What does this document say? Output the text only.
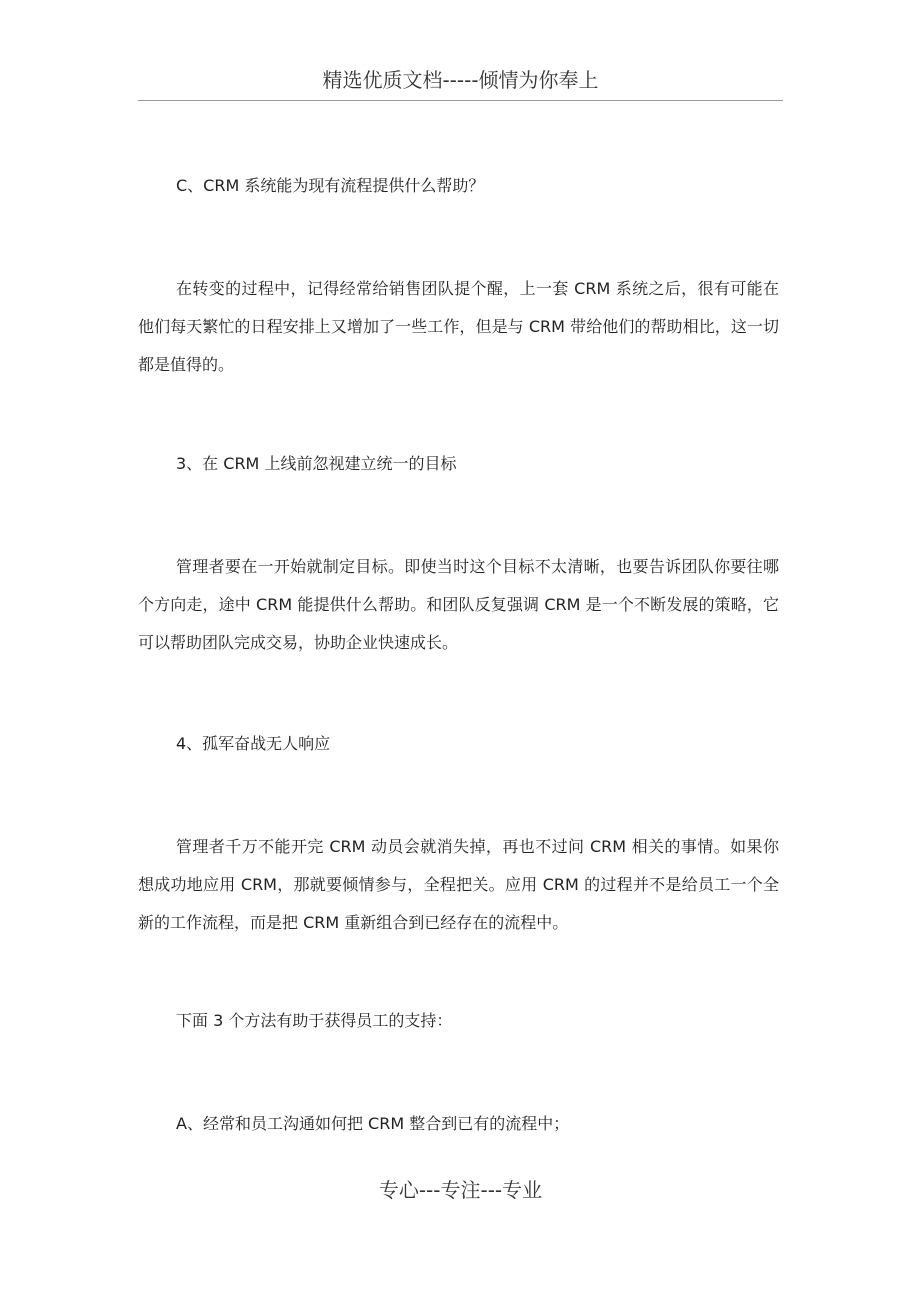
精选优质文档-----倾情为你奉上
C、CRM 系统能为现有流程提供什么帮助？

在转变的过程中，记得经常给销售团队提个醒，上一套 CRM 系统之后，很有可能在他们每天繁忙的日程安排上又增加了一些工作，但是与 CRM 带给他们的帮助相比，这一切都是值得的。

3、在 CRM 上线前忽视建立统一的目标

管理者要在一开始就制定目标。即使当时这个目标不太清晰，也要告诉团队你要往哪个方向走，途中 CRM 能提供什么帮助。和团队反复强调 CRM 是一个不断发展的策略，它可以帮助团队完成交易，协助企业快速成长。

4、孤军奋战无人响应

管理者千万不能开完 CRM 动员会就消失掉，再也不过问 CRM 相关的事情。如果你想成功地应用 CRM，那就要倾情参与，全程把关。应用 CRM 的过程并不是给员工一个全新的工作流程，而是把 CRM 重新组合到已经存在的流程中。

下面 3 个方法有助于获得员工的支持：
A、经常和员工沟通如何把 CRM 整合到已有的流程中；
专心---专注---专业
